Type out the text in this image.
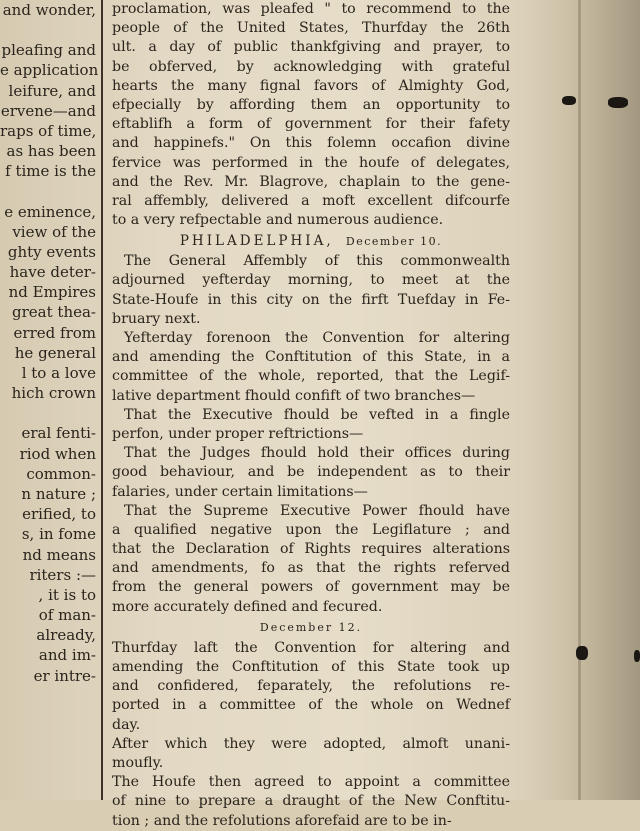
and wonder,
pleafing and
e application
leifure, and
ervene—and
raps of time,
as has been
f time is the
e eminence,
view of the
ghty events
have deter-
nd Empires
great thea-
erred from
he general
l to a love
hich crown
eral fenti-
riod when
common-
n nature ;
erified, to
s, in fome
nd means
riters :—
, it is to
of man-
already,
and im-
er intre-
proclamation, was pleafed " to recommend to the
people of the United States, Thurfday the 26th
ult. a day of public thankfgiving and prayer, to
be obferved, by acknowledging with grateful
hearts the many fignal favors of Almighty God,
efpecially by affording them an opportunity to
eftablifh a form of government for their fafety
and happinefs." On this folemn occafion divine
fervice was performed in the houfe of delegates,
and the Rev. Mr. Blagrove, chaplain to the gene-
ral affembly, delivered a moft excellent difcourfe
to a very refpectable and numerous audience.
PHILADELPHIA, December 10.
The General Affembly of this commonwealth
adjourned yefterday morning, to meet at the
State-Houfe in this city on the firft Tuefday in Fe-
bruary next.
Yefterday forenoon the Convention for altering
and amending the Conftitution of this State, in a
committee of the whole, reported, that the Legif-
lative department fhould confift of two branches—
That the Executive fhould be vefted in a fingle
perfon, under proper reftrictions—
That the Judges fhould hold their offices during
good behaviour, and be independent as to their
falaries, under certain limitations—
That the Supreme Executive Power fhould have
a qualified negative upon the Legiflature ; and
that the Declaration of Rights requires alterations
and amendments, fo as that the rights referved
from the general powers of government may be
more accurately defined and fecured.
December 12.
Thurfday laft the Convention for altering and
amending the Conftitution of this State took up
and confidered, feparately, the refolutions re-
ported in a committee of the whole on Wednef
day.
After which they were adopted, almoft unani-
moufly.
The Houfe then agreed to appoint a committee
of nine to prepare a draught of the New Conftitu-
tion ; and the refolutions aforefaid are to be in-
